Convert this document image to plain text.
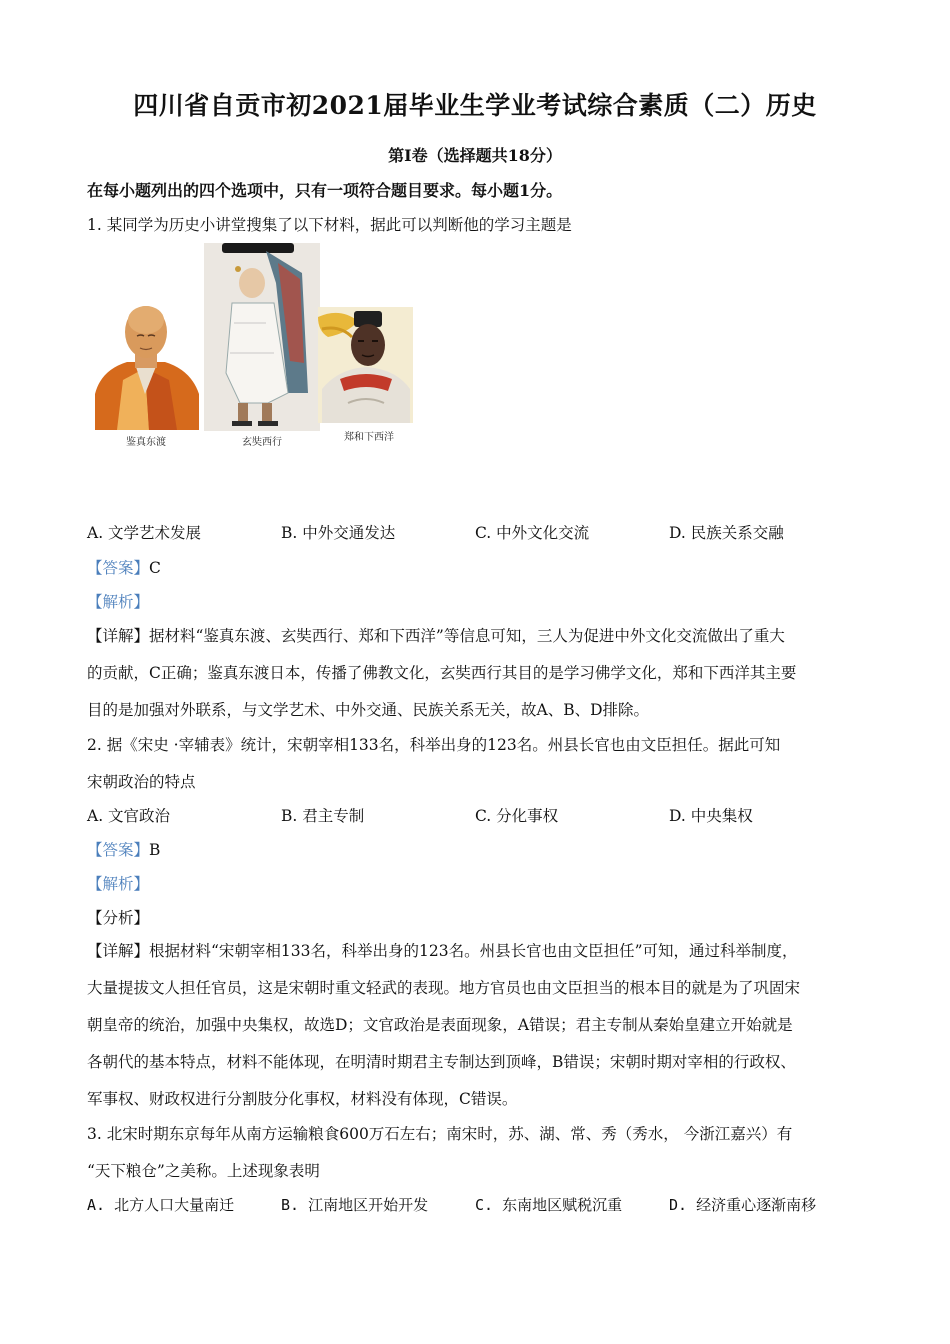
四川省自贡市初2021届毕业生学业考试综合素质（二）历史
第Ⅰ卷（选择题共18分）
在每小题列出的四个选项中，只有一项符合题目要求。每小题1分。
1. 某同学为历史小讲堂搜集了以下材料，据此可以判断他的学习主题是
鉴真东渡	玄奘西行	郑和下西洋
A. 文学艺术发展	B. 中外交通发达	C. 中外文化交流	D. 民族关系交融
【答案】C
【解析】
【详解】据材料“鉴真东渡、玄奘西行、郑和下西洋”等信息可知，三人为促进中外文化交流做出了重大
的贡献，C正确；鉴真东渡日本，传播了佛教文化，玄奘西行其目的是学习佛学文化，郑和下西洋其主要
目的是加强对外联系，与文学艺术、中外交通、民族关系无关，故A、B、D排除。
2. 据《宋史 ·宰辅表》统计，宋朝宰相133名，科举出身的123名。州县长官也由文臣担任。据此可知
宋朝政治的特点
A. 文官政治	B. 君主专制	C. 分化事权	D. 中央集权
【答案】B
【解析】
【分析】
【详解】根据材料“宋朝宰相133名，科举出身的123名。州县长官也由文臣担任”可知，通过科举制度，
大量提拔文人担任官员，这是宋朝时重文轻武的表现。地方官员也由文臣担当的根本目的就是为了巩固宋
朝皇帝的统治，加强中央集权，故选D；文官政治是表面现象，A错误；君主专制从秦始皇建立开始就是
各朝代的基本特点，材料不能体现，在明清时期君主专制达到顶峰，B错误；宋朝时期对宰相的行政权、
军事权、财政权进行分割肢分化事权，材料没有体现，C错误。
3. 北宋时期东京每年从南方运输粮食600万石左右；南宋时，苏、湖、常、秀（秀水， 今浙江嘉兴）有
“天下粮仓”之美称。上述现象表明
A. 北方人口大量南迁	B. 江南地区开始开发	C. 东南地区赋税沉重	D. 经济重心逐渐南移
